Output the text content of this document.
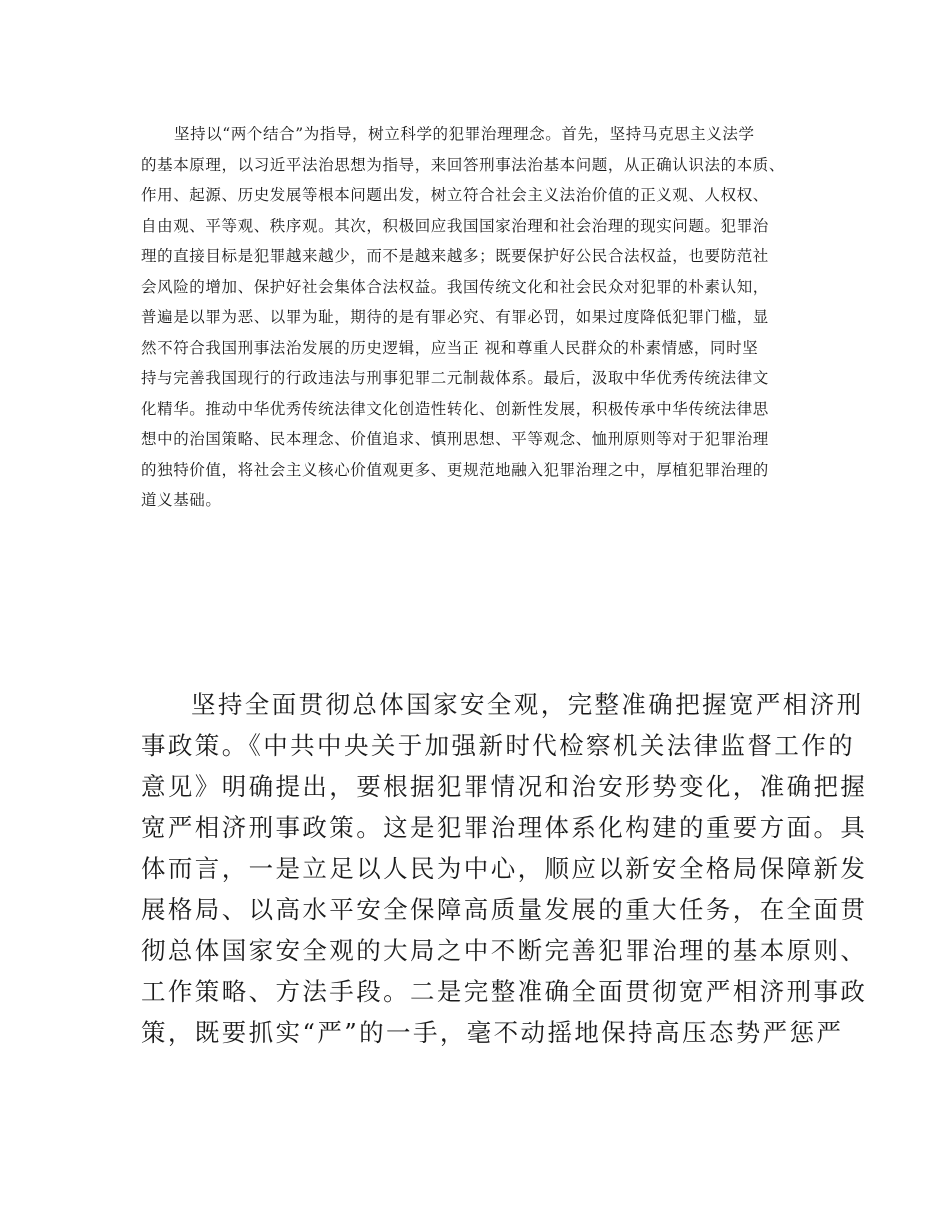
坚持以“两个结合”为指导，树立科学的犯罪治理理念。首先，坚持马克思主义法学
的基本原理，以习近平法治思想为指导，来回答刑事法治基本问题，从正确认识法的本质、
作用、起源、历史发展等根本问题出发，树立符合社会主义法治价值的正义观、人权权、
自由观、平等观、秩序观。其次，积极回应我国国家治理和社会治理的现实问题。犯罪治
理的直接目标是犯罪越来越少，而不是越来越多；既要保护好公民合法权益，也要防范社
会风险的增加、保护好社会集体合法权益。我国传统文化和社会民众对犯罪的朴素认知，
普遍是以罪为恶、以罪为耻，期待的是有罪必究、有罪必罚，如果过度降低犯罪门槛，显
然不符合我国刑事法治发展的历史逻辑，应当正 视和尊重人民群众的朴素情感，同时坚
持与完善我国现行的行政违法与刑事犯罪二元制裁体系。最后，汲取中华优秀传统法律文
化精华。推动中华优秀传统法律文化创造性转化、创新性发展，积极传承中华传统法律思
想中的治国策略、民本理念、价值追求、慎刑思想、平等观念、恤刑原则等对于犯罪治理
的独特价值，将社会主义核心价值观更多、更规范地融入犯罪治理之中，厚植犯罪治理的
道义基础。
坚持全面贯彻总体国家安全观，完整准确把握宽严相济刑
事政策。《中共中央关于加强新时代检察机关法律监督工作的
意见》明确提出，要根据犯罪情况和治安形势变化，准确把握
宽严相济刑事政策。这是犯罪治理体系化构建的重要方面。具
体而言，一是立足以人民为中心，顺应以新安全格局保障新发
展格局、以高水平安全保障高质量发展的重大任务，在全面贯
彻总体国家安全观的大局之中不断完善犯罪治理的基本原则、
工作策略、方法手段。二是完整准确全面贯彻宽严相济刑事政
策，既要抓实“严”的一手，毫不动摇地保持高压态势严惩严
